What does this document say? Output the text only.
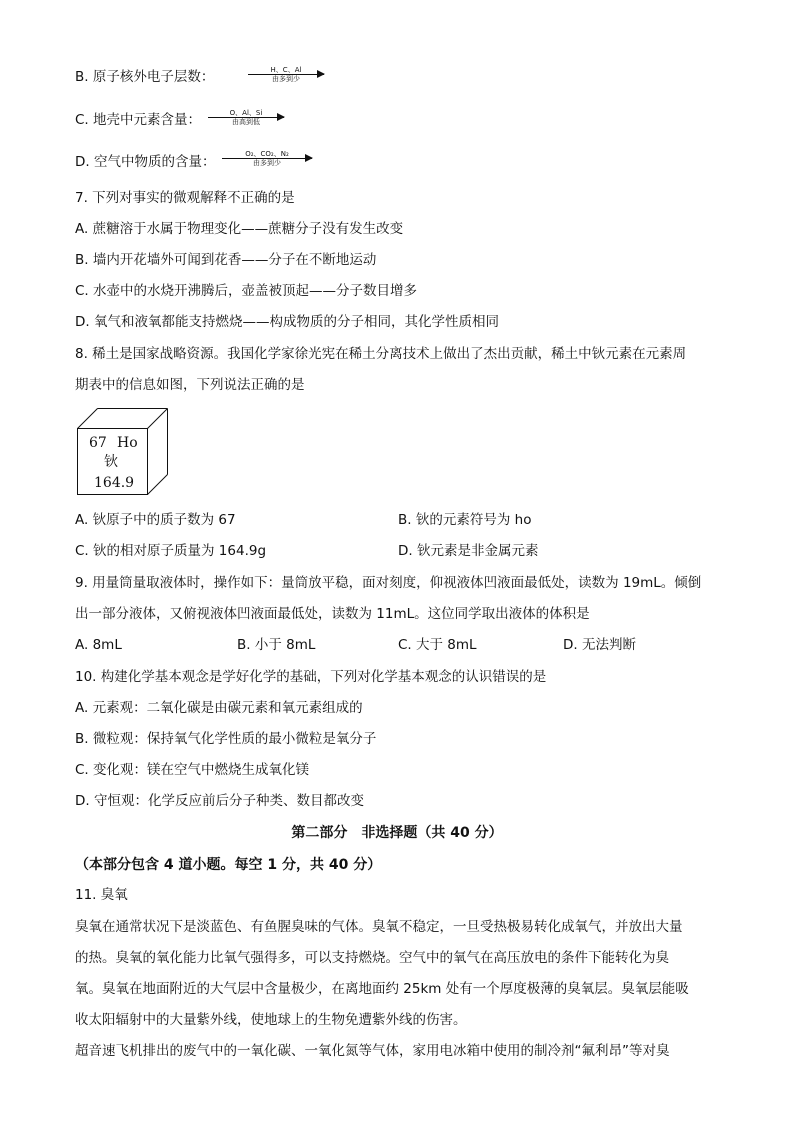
B. 原子核外电子层数：	H、C、Al
由多到少
C. 地壳中元素含量：	O、Al、Si
由高到低
D. 空气中物质的含量：	O₂、CO₂、N₂
由多到少
7. 下列对事实的微观解释不正确的是
A. 蔗糖溶于水属于物理变化——蔗糖分子没有发生改变
B. 墙内开花墙外可闻到花香——分子在不断地运动
C. 水壶中的水烧开沸腾后，壶盖被顶起——分子数目增多
D. 氧气和液氧都能支持燃烧——构成物质的分子相同，其化学性质相同
8. 稀土是国家战略资源。我国化学家徐光宪在稀土分离技术上做出了杰出贡献，稀土中钬元素在元素周
期表中的信息如图，下列说法正确的是
67 Ho
钬
164.9
A. 钬原子中的质子数为 67	B. 钬的元素符号为 ho
C. 钬的相对原子质量为 164.9g	D. 钬元素是非金属元素
9. 用量筒量取液体时，操作如下：量筒放平稳，面对刻度，仰视液体凹液面最低处，读数为 19mL。倾倒
出一部分液体，又俯视液体凹液面最低处，读数为 11mL。这位同学取出液体的体积是
A. 8mL	B. 小于 8mL	C. 大于 8mL	D. 无法判断
10. 构建化学基本观念是学好化学的基础，下列对化学基本观念的认识错误的是
A. 元素观：二氧化碳是由碳元素和氧元素组成的
B. 微粒观：保持氧气化学性质的最小微粒是氧分子
C. 变化观：镁在空气中燃烧生成氧化镁
D. 守恒观：化学反应前后分子种类、数目都改变
第二部分　非选择题（共 40 分）
（本部分包含 4 道小题。每空 1 分，共 40 分）
11. 臭氧
臭氧在通常状况下是淡蓝色、有鱼腥臭味的气体。臭氧不稳定，一旦受热极易转化成氧气，并放出大量
的热。臭氧的氧化能力比氧气强得多，可以支持燃烧。空气中的氧气在高压放电的条件下能转化为臭
氧。臭氧在地面附近的大气层中含量极少，在离地面约 25km 处有一个厚度极薄的臭氧层。臭氧层能吸
收太阳辐射中的大量紫外线，使地球上的生物免遭紫外线的伤害。
超音速飞机排出的废气中的一氧化碳、一氧化氮等气体，家用电冰箱中使用的制冷剂“氟利昂”等对臭
